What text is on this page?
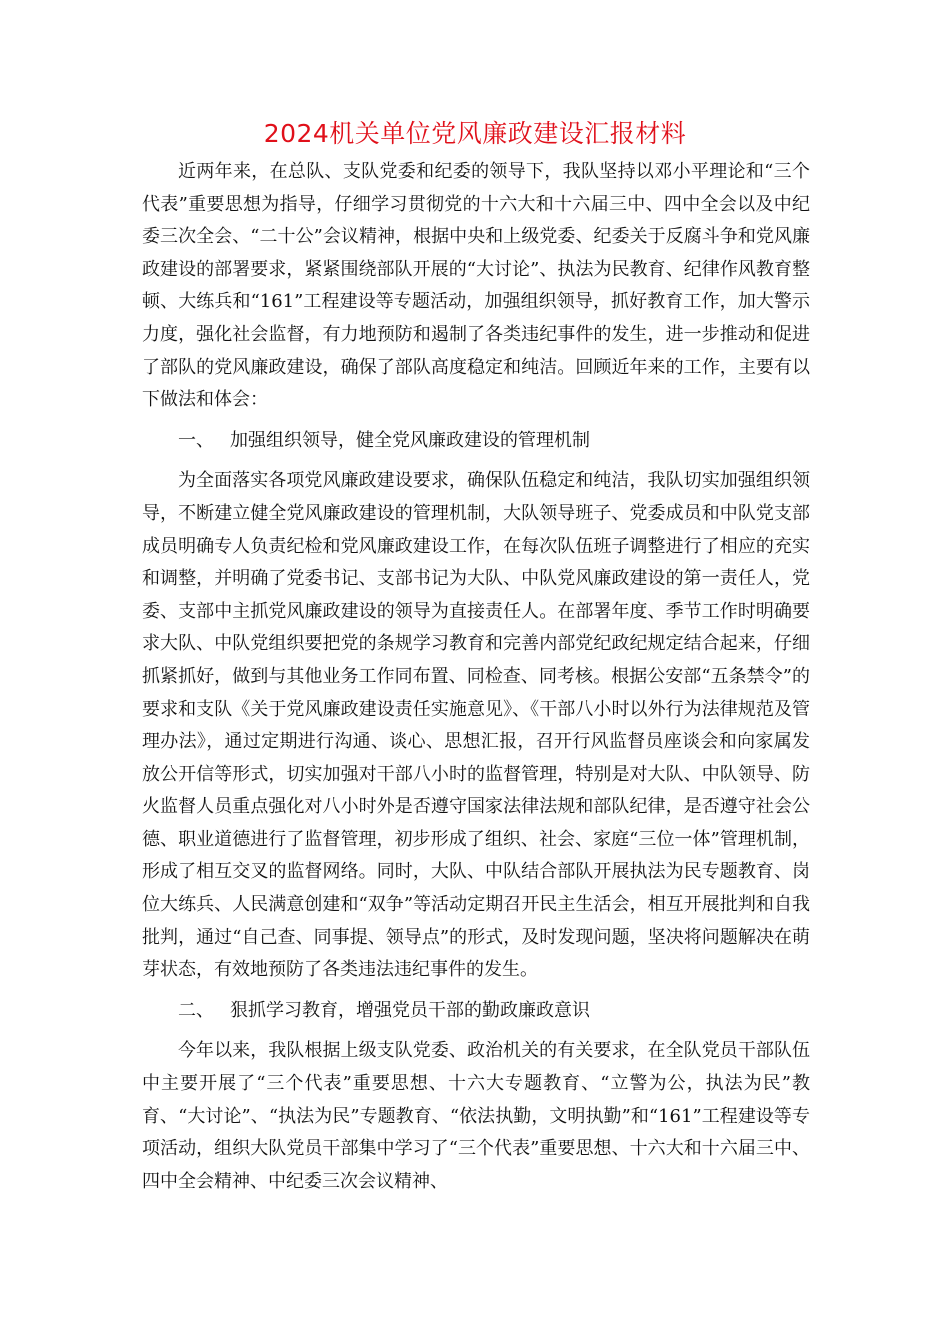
2024机关单位党风廉政建设汇报材料

近两年来，在总队、支队党委和纪委的领导下，我队坚持以邓小平理论和“三个代表”重要思想为指导，仔细学习贯彻党的十六大和十六届三中、四中全会以及中纪委三次全会、“二十公”会议精神，根据中央和上级党委、纪委关于反腐斗争和党风廉政建设的部署要求，紧紧围绕部队开展的“大讨论”、执法为民教育、纪律作风教育整顿、大练兵和“161”工程建设等专题活动，加强组织领导，抓好教育工作，加大警示力度，强化社会监督，有力地预防和遏制了各类违纪事件的发生，进一步推动和促进了部队的党风廉政建设，确保了部队高度稳定和纯洁。回顾近年来的工作，主要有以下做法和体会：

一、 加强组织领导，健全党风廉政建设的管理机制

为全面落实各项党风廉政建设要求，确保队伍稳定和纯洁，我队切实加强组织领导，不断建立健全党风廉政建设的管理机制，大队领导班子、党委成员和中队党支部成员明确专人负责纪检和党风廉政建设工作，在每次队伍班子调整进行了相应的充实和调整，并明确了党委书记、支部书记为大队、中队党风廉政建设的第一责任人，党委、支部中主抓党风廉政建设的领导为直接责任人。在部署年度、季节工作时明确要求大队、中队党组织要把党的条规学习教育和完善内部党纪政纪规定结合起来，仔细抓紧抓好，做到与其他业务工作同布置、同检查、同考核。根据公安部“五条禁令”的要求和支队《关于党风廉政建设责任实施意见》、《干部八小时以外行为法律规范及管理办法》，通过定期进行沟通、谈心、思想汇报，召开行风监督员座谈会和向家属发放公开信等形式，切实加强对干部八小时的监督管理，特别是对大队、中队领导、防火监督人员重点强化对八小时外是否遵守国家法律法规和部队纪律，是否遵守社会公德、职业道德进行了监督管理，初步形成了组织、社会、家庭“三位一体”管理机制，形成了相互交叉的监督网络。同时，大队、中队结合部队开展执法为民专题教育、岗位大练兵、人民满意创建和“双争”等活动定期召开民主生活会，相互开展批判和自我批判，通过“自己查、同事提、领导点”的形式，及时发现问题，坚决将问题解决在萌芽状态，有效地预防了各类违法违纪事件的发生。

二、 狠抓学习教育，增强党员干部的勤政廉政意识

今年以来，我队根据上级支队党委、政治机关的有关要求，在全队党员干部队伍中主要开展了“三个代表”重要思想、十六大专题教育、“立警为公，执法为民”教育、“大讨论”、“执法为民”专题教育、“依法执勤，文明执勤”和“161”工程建设等专项活动，组织大队党员干部集中学习了“三个代表”重要思想、十六大和十六届三中、四中全会精神、中纪委三次会议精神、
